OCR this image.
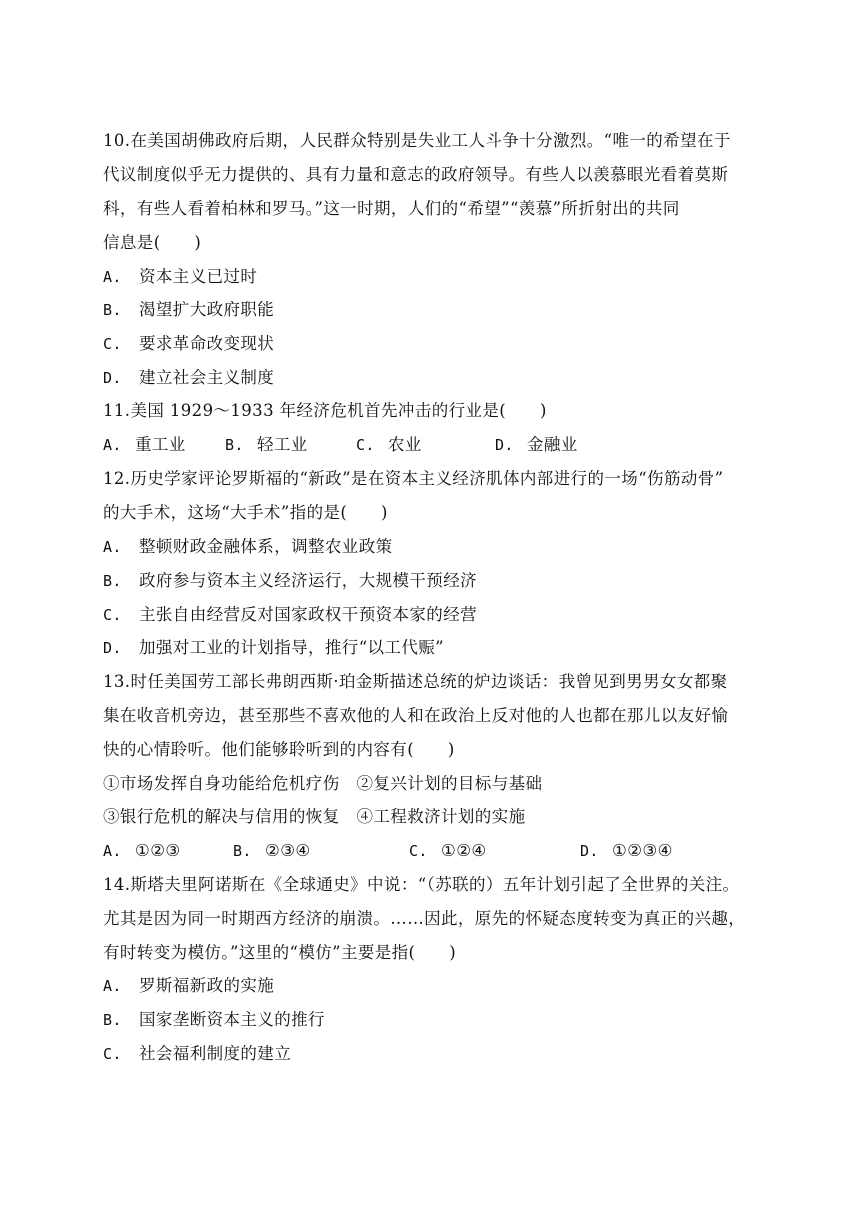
10.在美国胡佛政府后期，人民群众特别是失业工人斗争十分激烈。“唯一的希望在于
代议制度似乎无力提供的、具有力量和意志的政府领导。有些人以羡慕眼光看着莫斯
科，有些人看着柏林和罗马。”这一时期，人们的“希望”“羡慕”所折射出的共同
信息是(　　)
A. 资本主义已过时
B. 渴望扩大政府职能
C. 要求革命改变现状
D. 建立社会主义制度
11.美国 1929～1933 年经济危机首先冲击的行业是(　　)
A. 重工业	B. 轻工业	C. 农业	D. 金融业
12.历史学家评论罗斯福的“新政”是在资本主义经济肌体内部进行的一场“伤筋动骨”
的大手术，这场“大手术”指的是(　　)
A. 整顿财政金融体系，调整农业政策
B. 政府参与资本主义经济运行，大规模干预经济
C. 主张自由经营反对国家政权干预资本家的经营
D. 加强对工业的计划指导，推行“以工代赈”
13.时任美国劳工部长弗朗西斯·珀金斯描述总统的炉边谈话：我曾见到男男女女都聚
集在收音机旁边，甚至那些不喜欢他的人和在政治上反对他的人也都在那儿以友好愉
快的心情聆听。他们能够聆听到的内容有(　　)
①市场发挥自身功能给危机疗伤　②复兴计划的目标与基础
③银行危机的解决与信用的恢复　④工程救济计划的实施
A. ①②③	B. ②③④	C. ①②④	D. ①②③④
14.斯塔夫里阿诺斯在《全球通史》中说：“（苏联的）五年计划引起了全世界的关注。
尤其是因为同一时期西方经济的崩溃。……因此，原先的怀疑态度转变为真正的兴趣，
有时转变为模仿。”这里的“模仿”主要是指(　　)
A. 罗斯福新政的实施
B. 国家垄断资本主义的推行
C. 社会福利制度的建立
